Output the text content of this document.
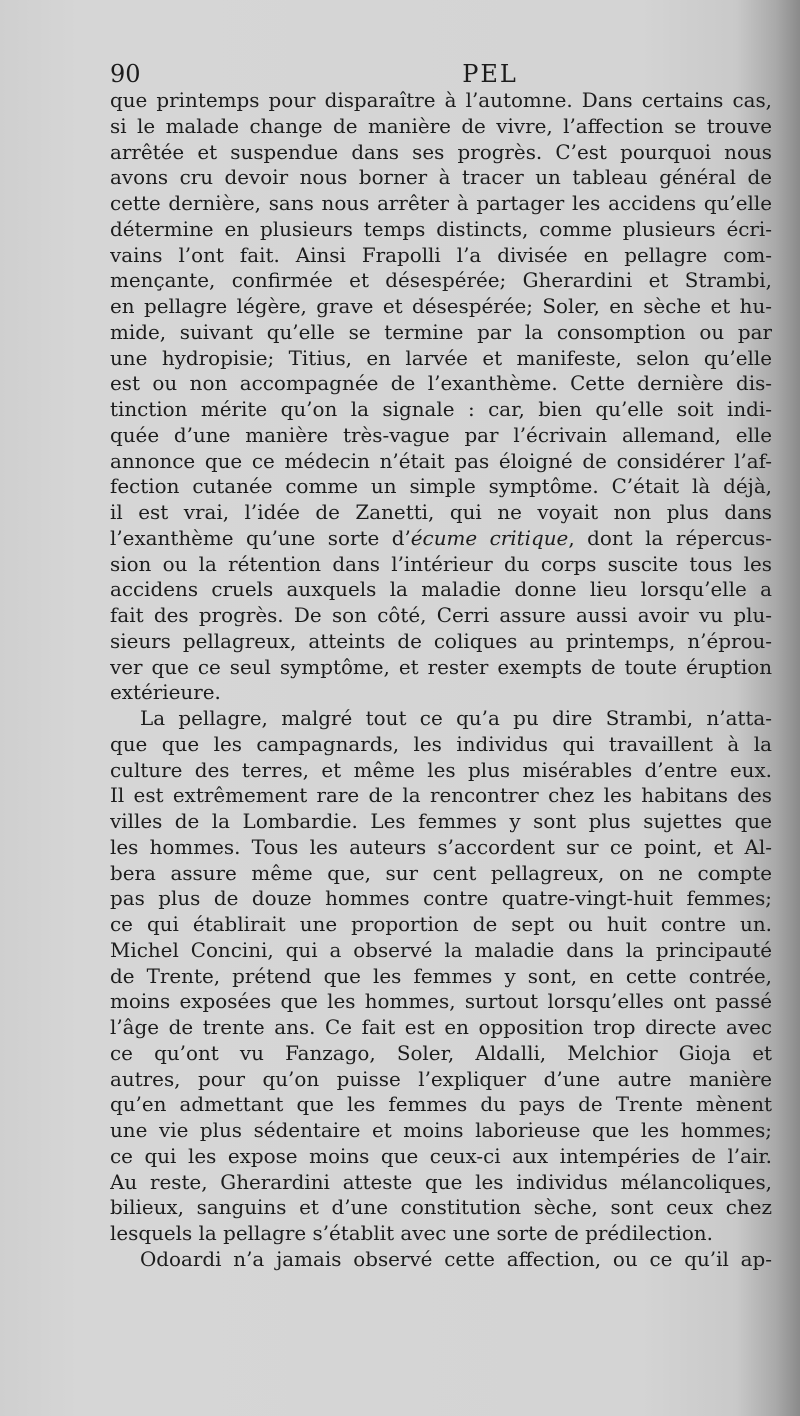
90	PEL
que printemps pour disparaître à l’automne. Dans certains cas,
si le malade change de manière de vivre, l’affection se trouve
arrêtée et suspendue dans ses progrès. C’est pourquoi nous
avons cru devoir nous borner à tracer un tableau général de
cette dernière, sans nous arrêter à partager les accidens qu’elle
détermine en plusieurs temps distincts, comme plusieurs écri-
vains l’ont fait. Ainsi Frapolli l’a divisée en pellagre com-
mençante, confirmée et désespérée; Gherardini et Strambi,
en pellagre légère, grave et désespérée; Soler, en sèche et hu-
mide, suivant qu’elle se termine par la consomption ou par
une hydropisie; Titius, en larvée et manifeste, selon qu’elle
est ou non accompagnée de l’exanthème. Cette dernière dis-
tinction mérite qu’on la signale : car, bien qu’elle soit indi-
quée d’une manière très-vague par l’écrivain allemand, elle
annonce que ce médecin n’était pas éloigné de considérer l’af-
fection cutanée comme un simple symptôme. C’était là déjà,
il est vrai, l’idée de Zanetti, qui ne voyait non plus dans
l’exanthème qu’une sorte d’écume critique, dont la répercus-
sion ou la rétention dans l’intérieur du corps suscite tous les
accidens cruels auxquels la maladie donne lieu lorsqu’elle a
fait des progrès. De son côté, Cerri assure aussi avoir vu plu-
sieurs pellagreux, atteints de coliques au printemps, n’éprou-
ver que ce seul symptôme, et rester exempts de toute éruption
extérieure.
La pellagre, malgré tout ce qu’a pu dire Strambi, n’atta-
que que les campagnards, les individus qui travaillent à la
culture des terres, et même les plus misérables d’entre eux.
Il est extrêmement rare de la rencontrer chez les habitans des
villes de la Lombardie. Les femmes y sont plus sujettes que
les hommes. Tous les auteurs s’accordent sur ce point, et Al-
bera assure même que, sur cent pellagreux, on ne compte
pas plus de douze hommes contre quatre-vingt-huit femmes;
ce qui établirait une proportion de sept ou huit contre un.
Michel Concini, qui a observé la maladie dans la principauté
de Trente, prétend que les femmes y sont, en cette contrée,
moins exposées que les hommes, surtout lorsqu’elles ont passé
l’âge de trente ans. Ce fait est en opposition trop directe avec
ce qu’ont vu Fanzago, Soler, Aldalli, Melchior Gioja et
autres, pour qu’on puisse l’expliquer d’une autre manière
qu’en admettant que les femmes du pays de Trente mènent
une vie plus sédentaire et moins laborieuse que les hommes;
ce qui les expose moins que ceux-ci aux intempéries de l’air.
Au reste, Gherardini atteste que les individus mélancoliques,
bilieux, sanguins et d’une constitution sèche, sont ceux chez
lesquels la pellagre s’établit avec une sorte de prédilection.
Odoardi n’a jamais observé cette affection, ou ce qu’il ap-
